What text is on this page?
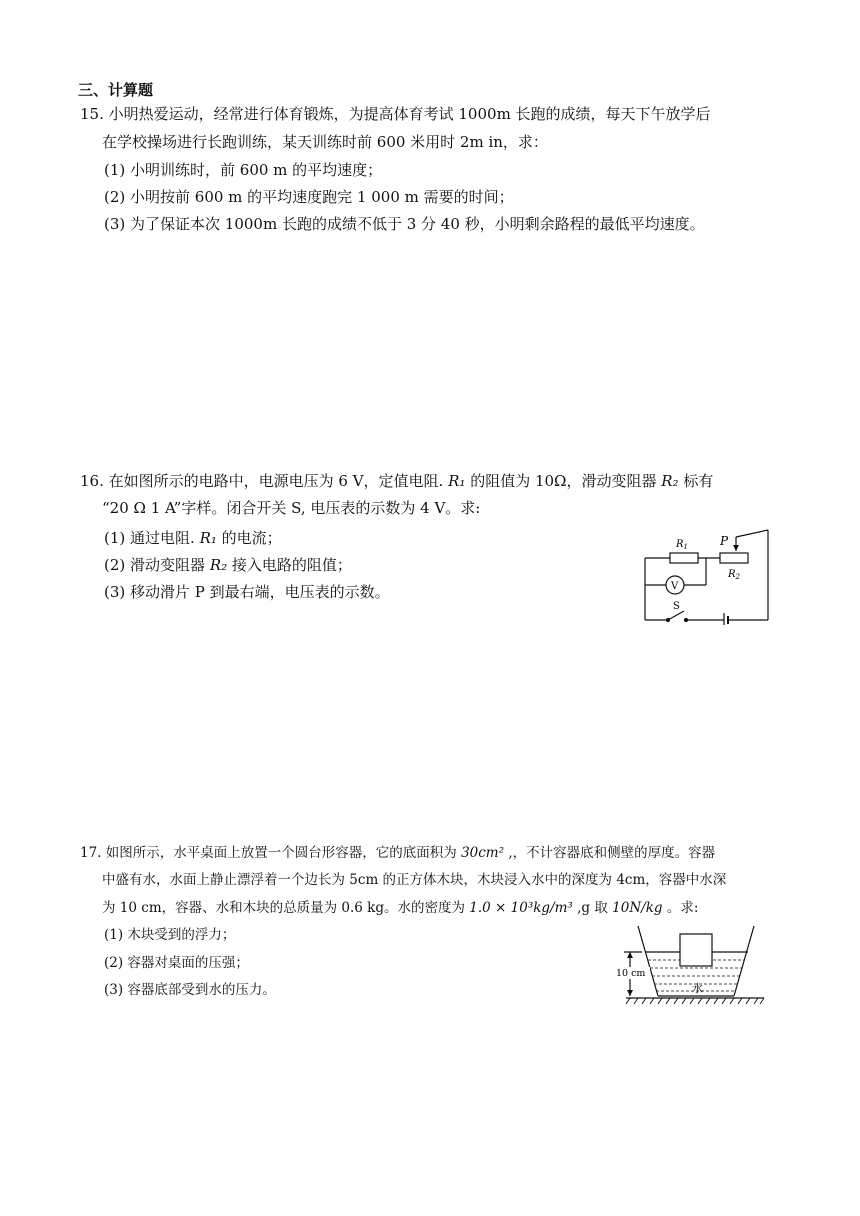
三、计算题
15. 小明热爱运动，经常进行体育锻炼，为提高体育考试 1000m 长跑的成绩，每天下午放学后
在学校操场进行长跑训练，某天训练时前 600 米用时 2m in，求：
(1) 小明训练时，前 600 m 的平均速度；
(2) 小明按前 600 m 的平均速度跑完 1 000 m 需要的时间；
(3) 为了保证本次 1000m 长跑的成绩不低于 3 分 40 秒，小明剩余路程的最低平均速度。
16. 在如图所示的电路中，电源电压为 6 V，定值电阻. R₁ 的阻值为 10Ω，滑动变阻器 R₂ 标有
“20 Ω 1 A”字样。闭合开关 S, 电压表的示数为 4 V。求:
(1) 通过电阻. R₁ 的电流；
(2) 滑动变阻器 R₂ 接入电路的阻值；
(3) 移动滑片 P 到最右端，电压表的示数。
$R_1$	P
$R_2$
V
S
17. 如图所示，水平桌面上放置一个圆台形容器，它的底面积为 30cm² ,，不计容器底和侧壁的厚度。容器
中盛有水，水面上静止漂浮着一个边长为 5cm 的正方体木块，木块浸入水中的深度为 4cm，容器中水深
为 10 cm，容器、水和木块的总质量为 0.6 kg。水的密度为 1.0 × 10³kg/m³ ,g 取 10N/kg 。求:
(1) 木块受到的浮力；
(2) 容器对桌面的压强；
(3) 容器底部受到水的压力。
10 cm
水
